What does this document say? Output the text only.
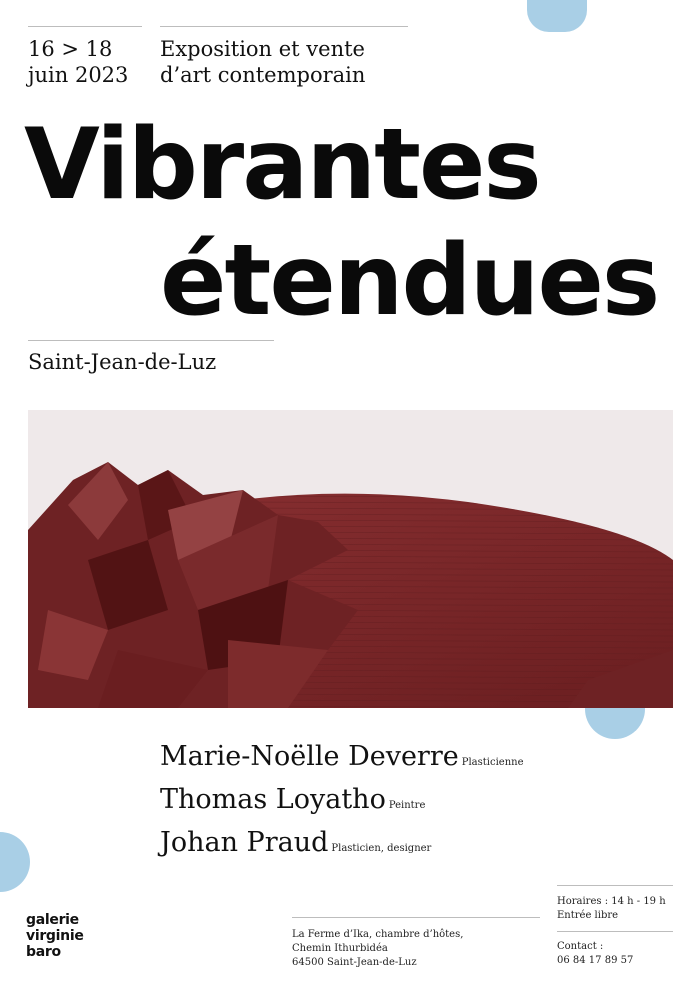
16 > 18
juin 2023

Exposition et vente
d’art contemporain

Vibrantes
étendues

Saint-Jean-de-Luz

Marie-Noëlle Deverre Plasticienne
Thomas Loyatho Peintre
Johan Praud Plasticien, designer
galerie
virginie
baro
La Ferme d’Ika, chambre d’hôtes,
Chemin Ithurbidéa
64500 Saint-Jean-de-Luz
Horaires : 14 h - 19 h
Entrée libre
Contact :
06 84 17 89 57
